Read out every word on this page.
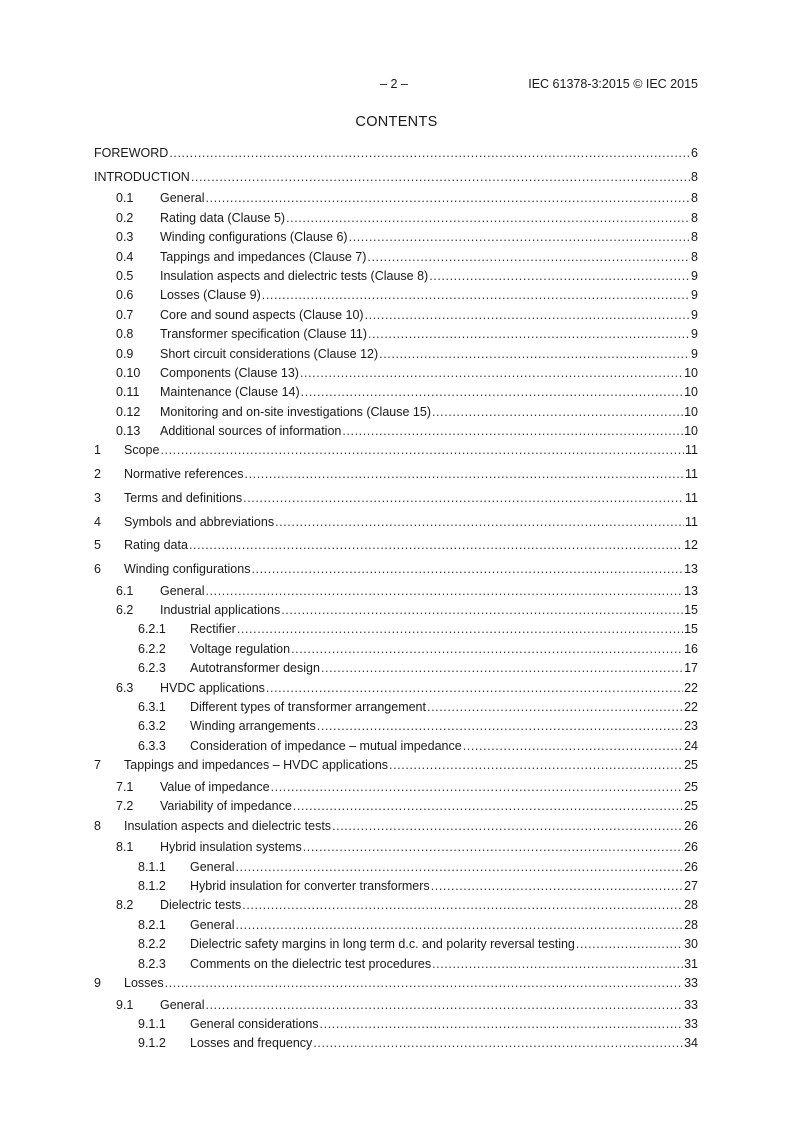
– 2 –	IEC 61378-3:2015 © IEC 2015
CONTENTS
FOREWORD .....	6
INTRODUCTION .....	8
0.1	General .....	8
0.2	Rating data (Clause 5) .....	8
0.3	Winding configurations (Clause 6) .....	8
0.4	Tappings and impedances (Clause 7) .....	8
0.5	Insulation aspects and dielectric tests (Clause 8) .....	9
0.6	Losses (Clause 9) .....	9
0.7	Core and sound aspects (Clause 10) .....	9
0.8	Transformer specification (Clause 11) .....	9
0.9	Short circuit considerations (Clause 12) .....	9
0.10	Components (Clause 13) .....	10
0.11	Maintenance (Clause 14) .....	10
0.12	Monitoring and on-site investigations (Clause 15) .....	10
0.13	Additional sources of information .....	10
1	Scope .....	11
2	Normative references .....	11
3	Terms and definitions .....	11
4	Symbols and abbreviations .....	11
5	Rating data .....	12
6	Winding configurations .....	13
6.1	General .....	13
6.2	Industrial applications .....	15
6.2.1	Rectifier .....	15
6.2.2	Voltage regulation .....	16
6.2.3	Autotransformer design .....	17
6.3	HVDC applications .....	22
6.3.1	Different types of transformer arrangement .....	22
6.3.2	Winding arrangements .....	23
6.3.3	Consideration of impedance – mutual impedance .....	24
7	Tappings and impedances – HVDC applications .....	25
7.1	Value of impedance .....	25
7.2	Variability of impedance .....	25
8	Insulation aspects and dielectric tests .....	26
8.1	Hybrid insulation systems .....	26
8.1.1	General .....	26
8.1.2	Hybrid insulation for converter transformers .....	27
8.2	Dielectric tests .....	28
8.2.1	General .....	28
8.2.2	Dielectric safety margins in long term d.c. and polarity reversal testing .....	30
8.2.3	Comments on the dielectric test procedures .....	31
9	Losses .....	33
9.1	General .....	33
9.1.1	General considerations .....	33
9.1.2	Losses and frequency .....	34
